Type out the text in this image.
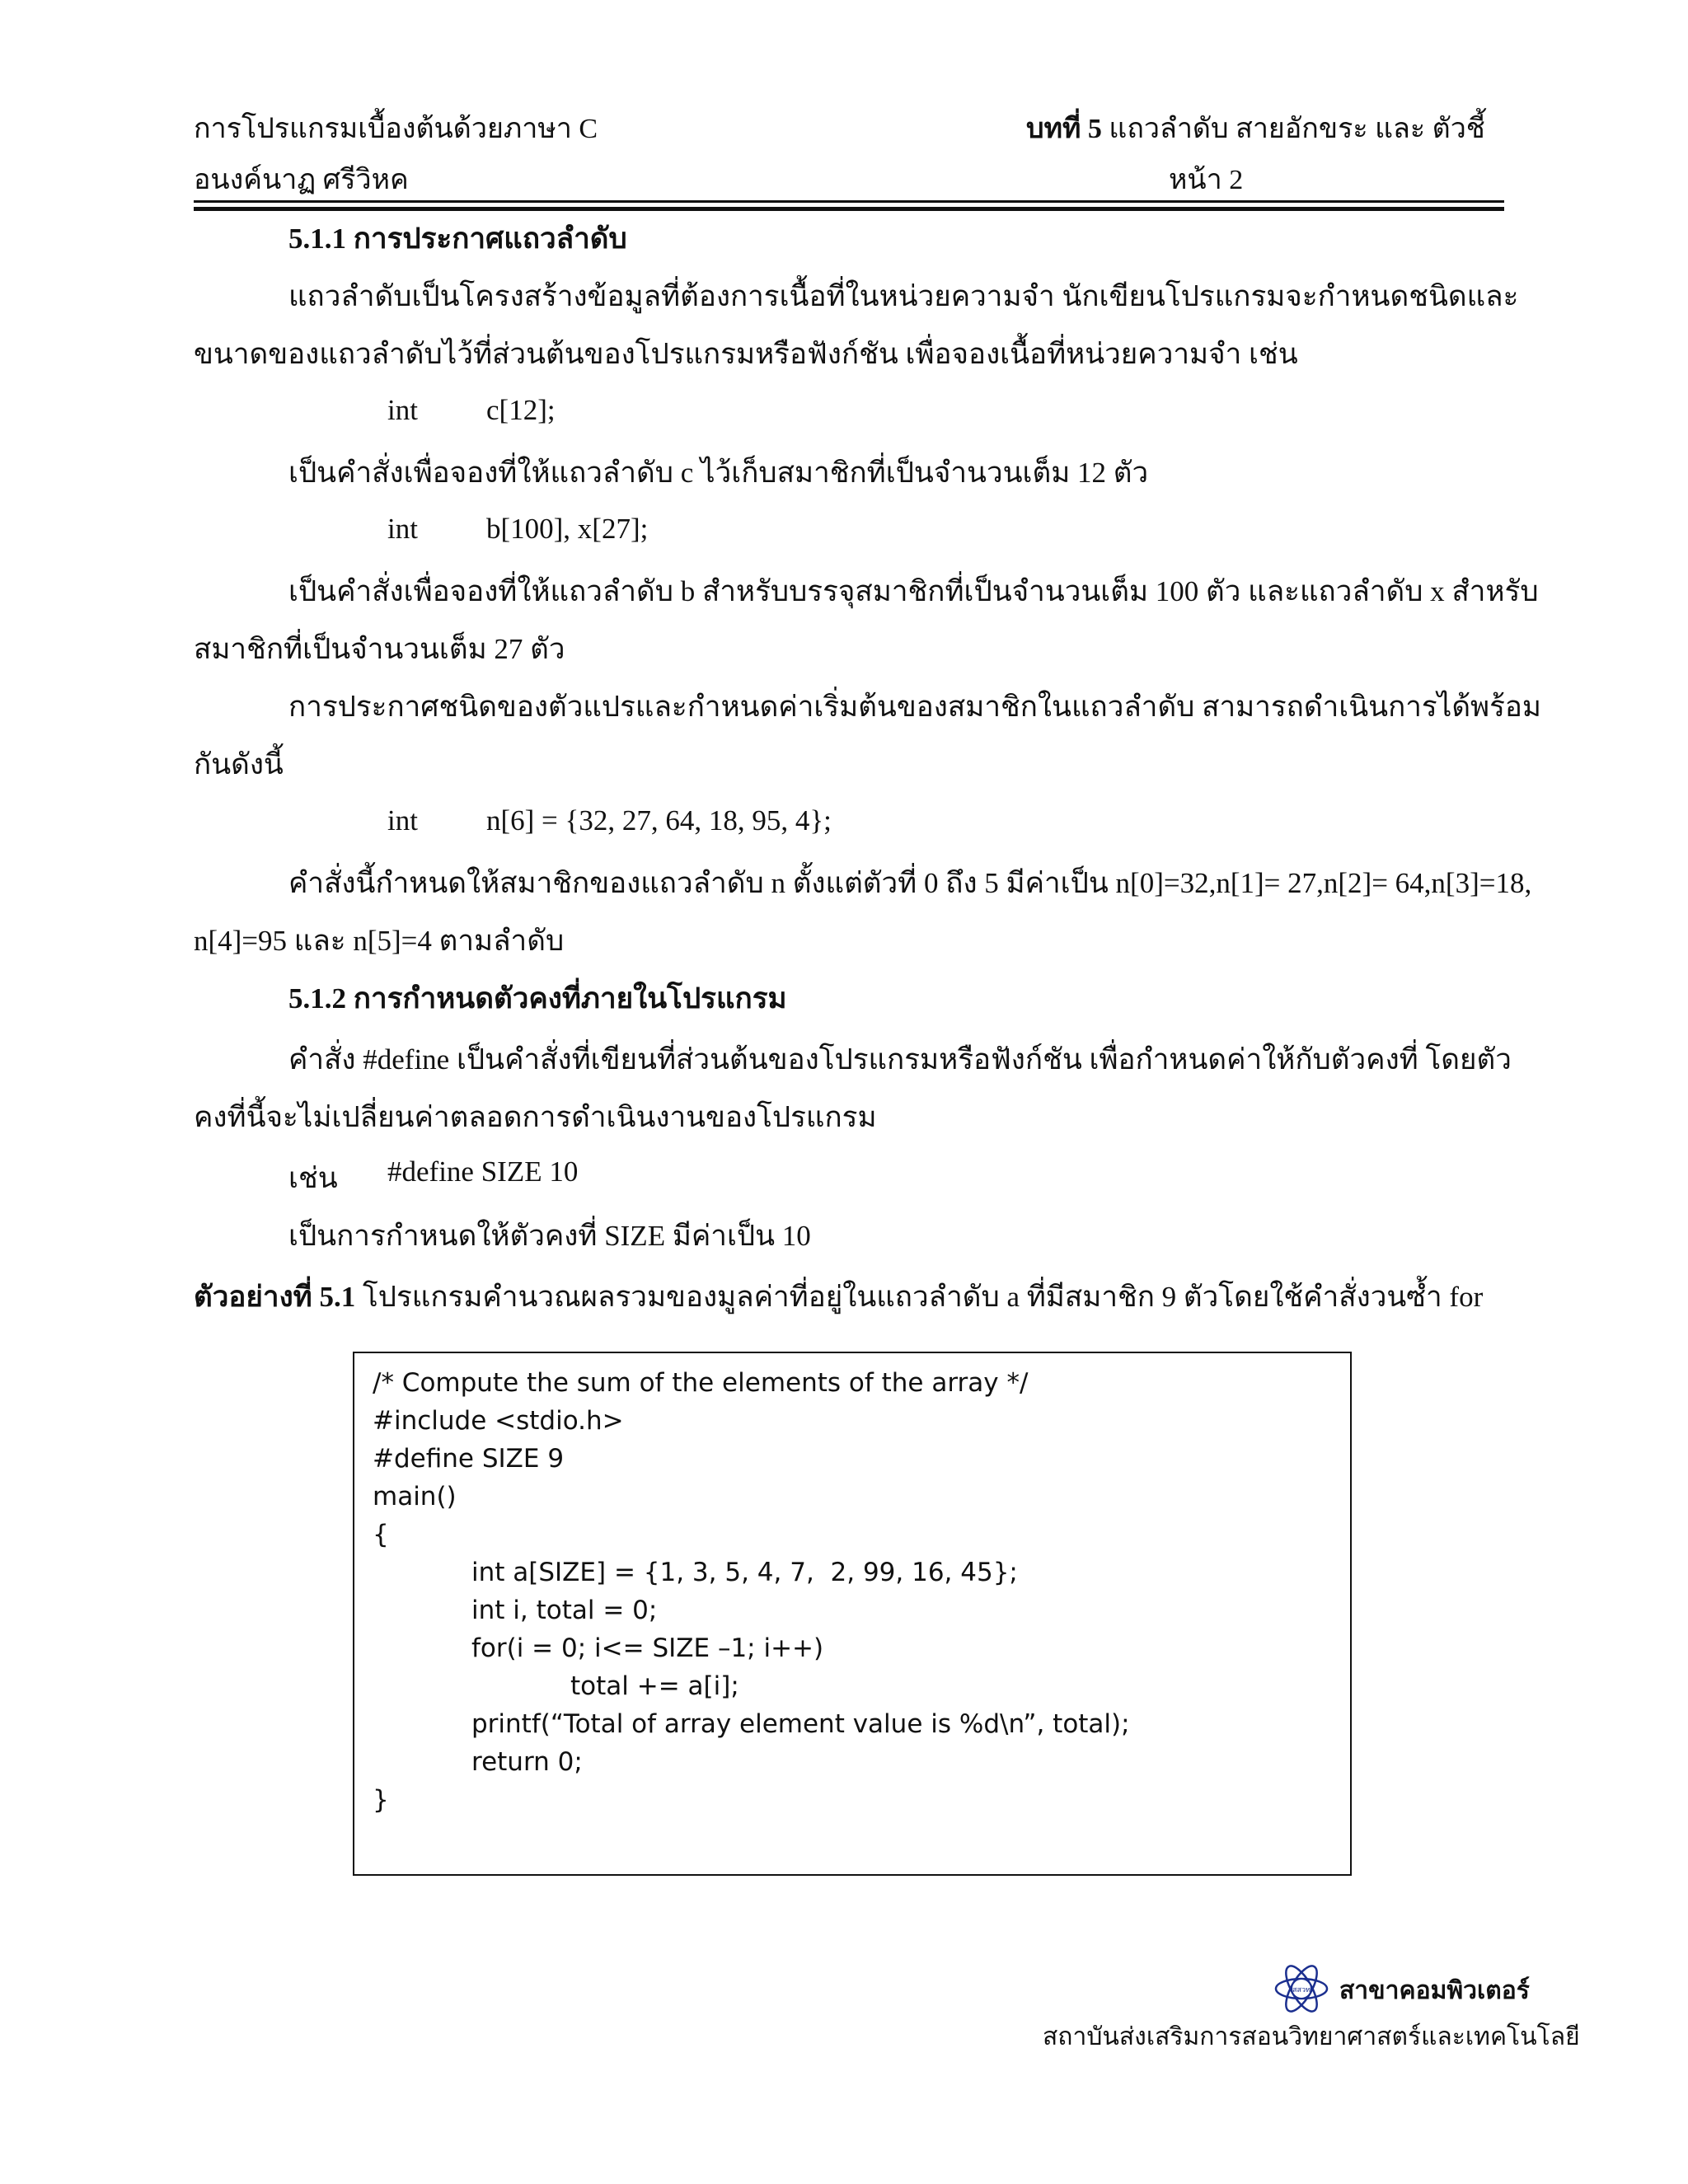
การโปรแกรมเบื้องต้นด้วยภาษา C	บทที่ 5 แถวลำดับ สายอักขระ และ ตัวชี้
อนงค์นาฏ ศรีวิหค	หน้า 2
5.1.1 การประกาศแถวลำดับ
แถวลำดับเป็นโครงสร้างข้อมูลที่ต้องการเนื้อที่ในหน่วยความจำ นักเขียนโปรแกรมจะกำหนดชนิดและ
ขนาดของแถวลำดับไว้ที่ส่วนต้นของโปรแกรมหรือฟังก์ชัน เพื่อจองเนื้อที่หน่วยความจำ เช่น
int c[12];
เป็นคำสั่งเพื่อจองที่ให้แถวลำดับ c ไว้เก็บสมาชิกที่เป็นจำนวนเต็ม 12 ตัว
int b[100], x[27];
เป็นคำสั่งเพื่อจองที่ให้แถวลำดับ b สำหรับบรรจุสมาชิกที่เป็นจำนวนเต็ม 100 ตัว และแถวลำดับ x สำหรับ
สมาชิกที่เป็นจำนวนเต็ม 27 ตัว
การประกาศชนิดของตัวแปรและกำหนดค่าเริ่มต้นของสมาชิกในแถวลำดับ สามารถดำเนินการได้พร้อม
กันดังนี้
int n[6] = {32, 27, 64, 18, 95, 4};
คำสั่งนี้กำหนดให้สมาชิกของแถวลำดับ n ตั้งแต่ตัวที่ 0 ถึง 5 มีค่าเป็น n[0]=32,n[1]= 27,n[2]= 64,n[3]=18,
n[4]=95 และ n[5]=4 ตามลำดับ
5.1.2 การกำหนดตัวคงที่ภายในโปรแกรม
คำสั่ง #define เป็นคำสั่งที่เขียนที่ส่วนต้นของโปรแกรมหรือฟังก์ชัน เพื่อกำหนดค่าให้กับตัวคงที่ โดยตัว
คงที่นี้จะไม่เปลี่ยนค่าตลอดการดำเนินงานของโปรแกรม
เช่น #define SIZE 10
เป็นการกำหนดให้ตัวคงที่ SIZE มีค่าเป็น 10
ตัวอย่างที่ 5.1 โปรแกรมคำนวณผลรวมของมูลค่าที่อยู่ในแถวลำดับ a ที่มีสมาชิก 9 ตัวโดยใช้คำสั่งวนซ้ำ for
/* Compute the sum of the elements of the array */
#include <stdio.h>
#define SIZE 9
main()
{
int a[SIZE] = {1, 3, 5, 4, 7,  2, 99, 16, 45};
int i, total = 0;
for(i = 0; i<= SIZE –1; i++)
total += a[i];
printf(“Total of array element value is %d\n”, total);
return 0;
}
สสวท สาขาคอมพิวเตอร์
สถาบันส่งเสริมการสอนวิทยาศาสตร์และเทคโนโลยี
